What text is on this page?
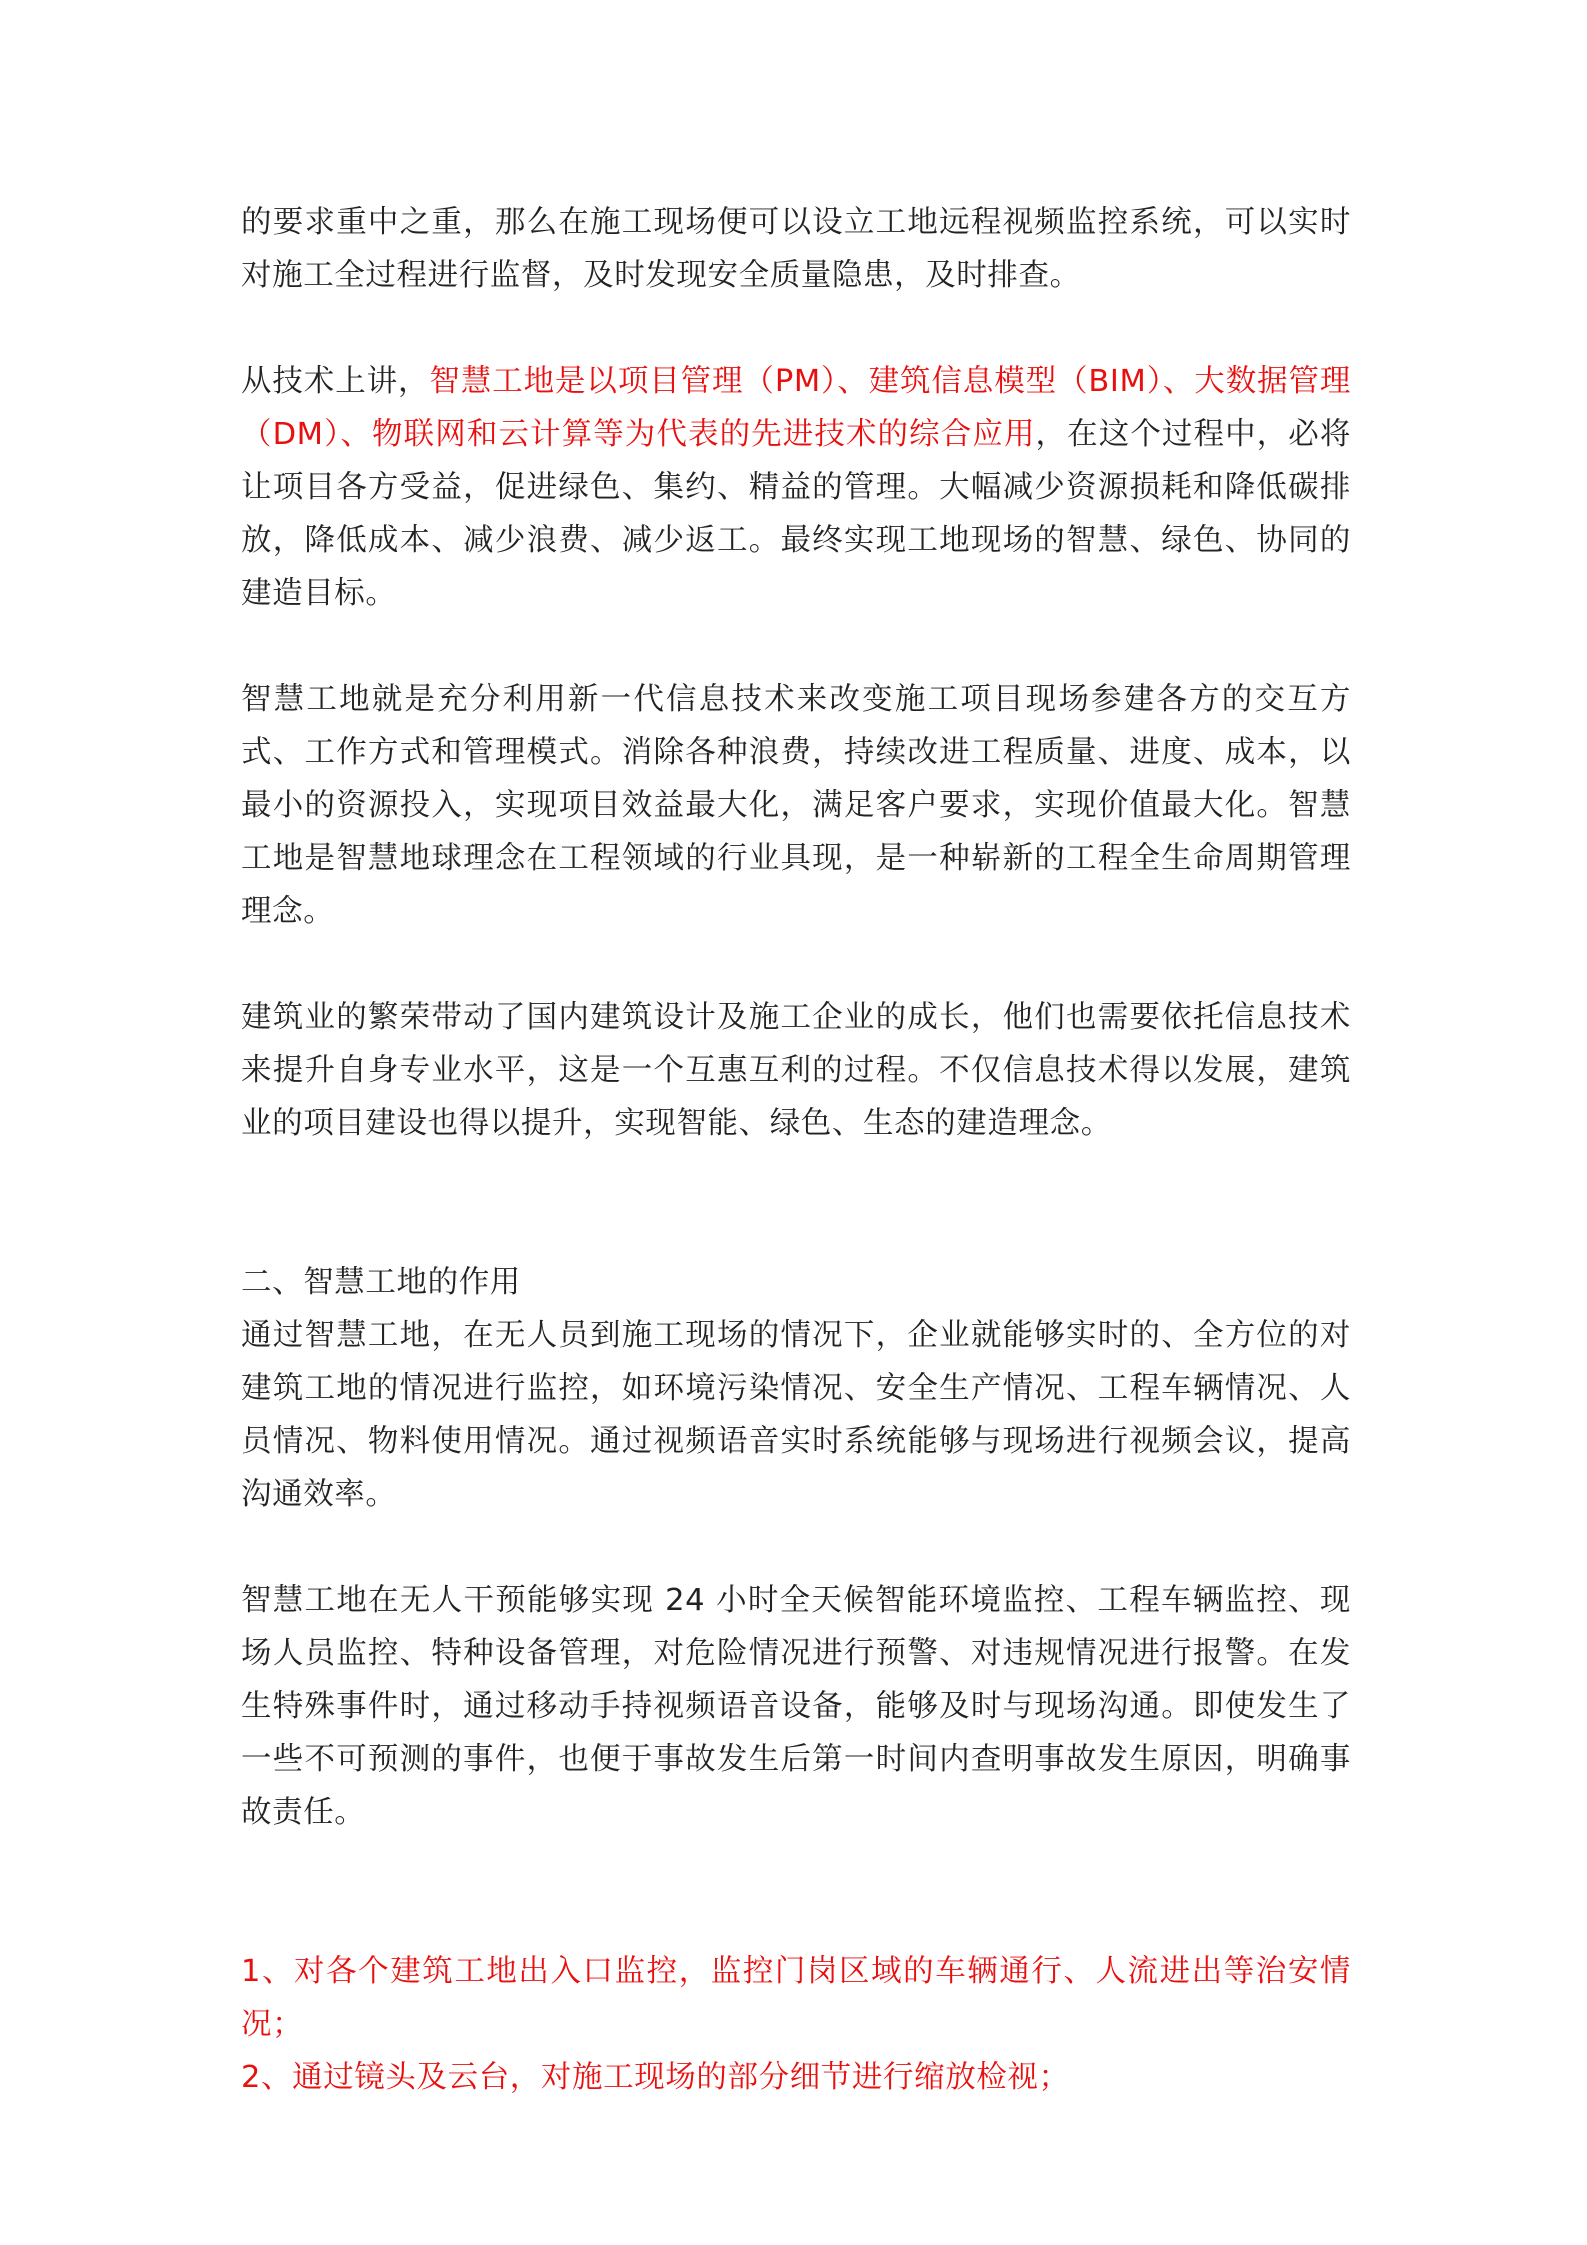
的要求重中之重，那么在施工现场便可以设立工地远程视频监控系统，可以实时对施工全过程进行监督，及时发现安全质量隐患，及时排查。

从技术上讲，智慧工地是以项目管理（PM）、建筑信息模型（BIM）、大数据管理（DM）、物联网和云计算等为代表的先进技术的综合应用，在这个过程中，必将让项目各方受益，促进绿色、集约、精益的管理。大幅减少资源损耗和降低碳排放，降低成本、减少浪费、减少返工。最终实现工地现场的智慧、绿色、协同的建造目标。

智慧工地就是充分利用新一代信息技术来改变施工项目现场参建各方的交互方式、工作方式和管理模式。消除各种浪费，持续改进工程质量、进度、成本，以最小的资源投入，实现项目效益最大化，满足客户要求，实现价值最大化。智慧工地是智慧地球理念在工程领域的行业具现，是一种崭新的工程全生命周期管理理念。

建筑业的繁荣带动了国内建筑设计及施工企业的成长，他们也需要依托信息技术来提升自身专业水平，这是一个互惠互利的过程。不仅信息技术得以发展，建筑业的项目建设也得以提升，实现智能、绿色、生态的建造理念。

二、智慧工地的作用

通过智慧工地，在无人员到施工现场的情况下，企业就能够实时的、全方位的对建筑工地的情况进行监控，如环境污染情况、安全生产情况、工程车辆情况、人员情况、物料使用情况。通过视频语音实时系统能够与现场进行视频会议，提高沟通效率。

智慧工地在无人干预能够实现 24 小时全天候智能环境监控、工程车辆监控、现场人员监控、特种设备管理，对危险情况进行预警、对违规情况进行报警。在发生特殊事件时，通过移动手持视频语音设备，能够及时与现场沟通。即使发生了一些不可预测的事件，也便于事故发生后第一时间内查明事故发生原因，明确事故责任。

1、对各个建筑工地出入口监控，监控门岗区域的车辆通行、人流进出等治安情况；

2、通过镜头及云台，对施工现场的部分细节进行缩放检视；
